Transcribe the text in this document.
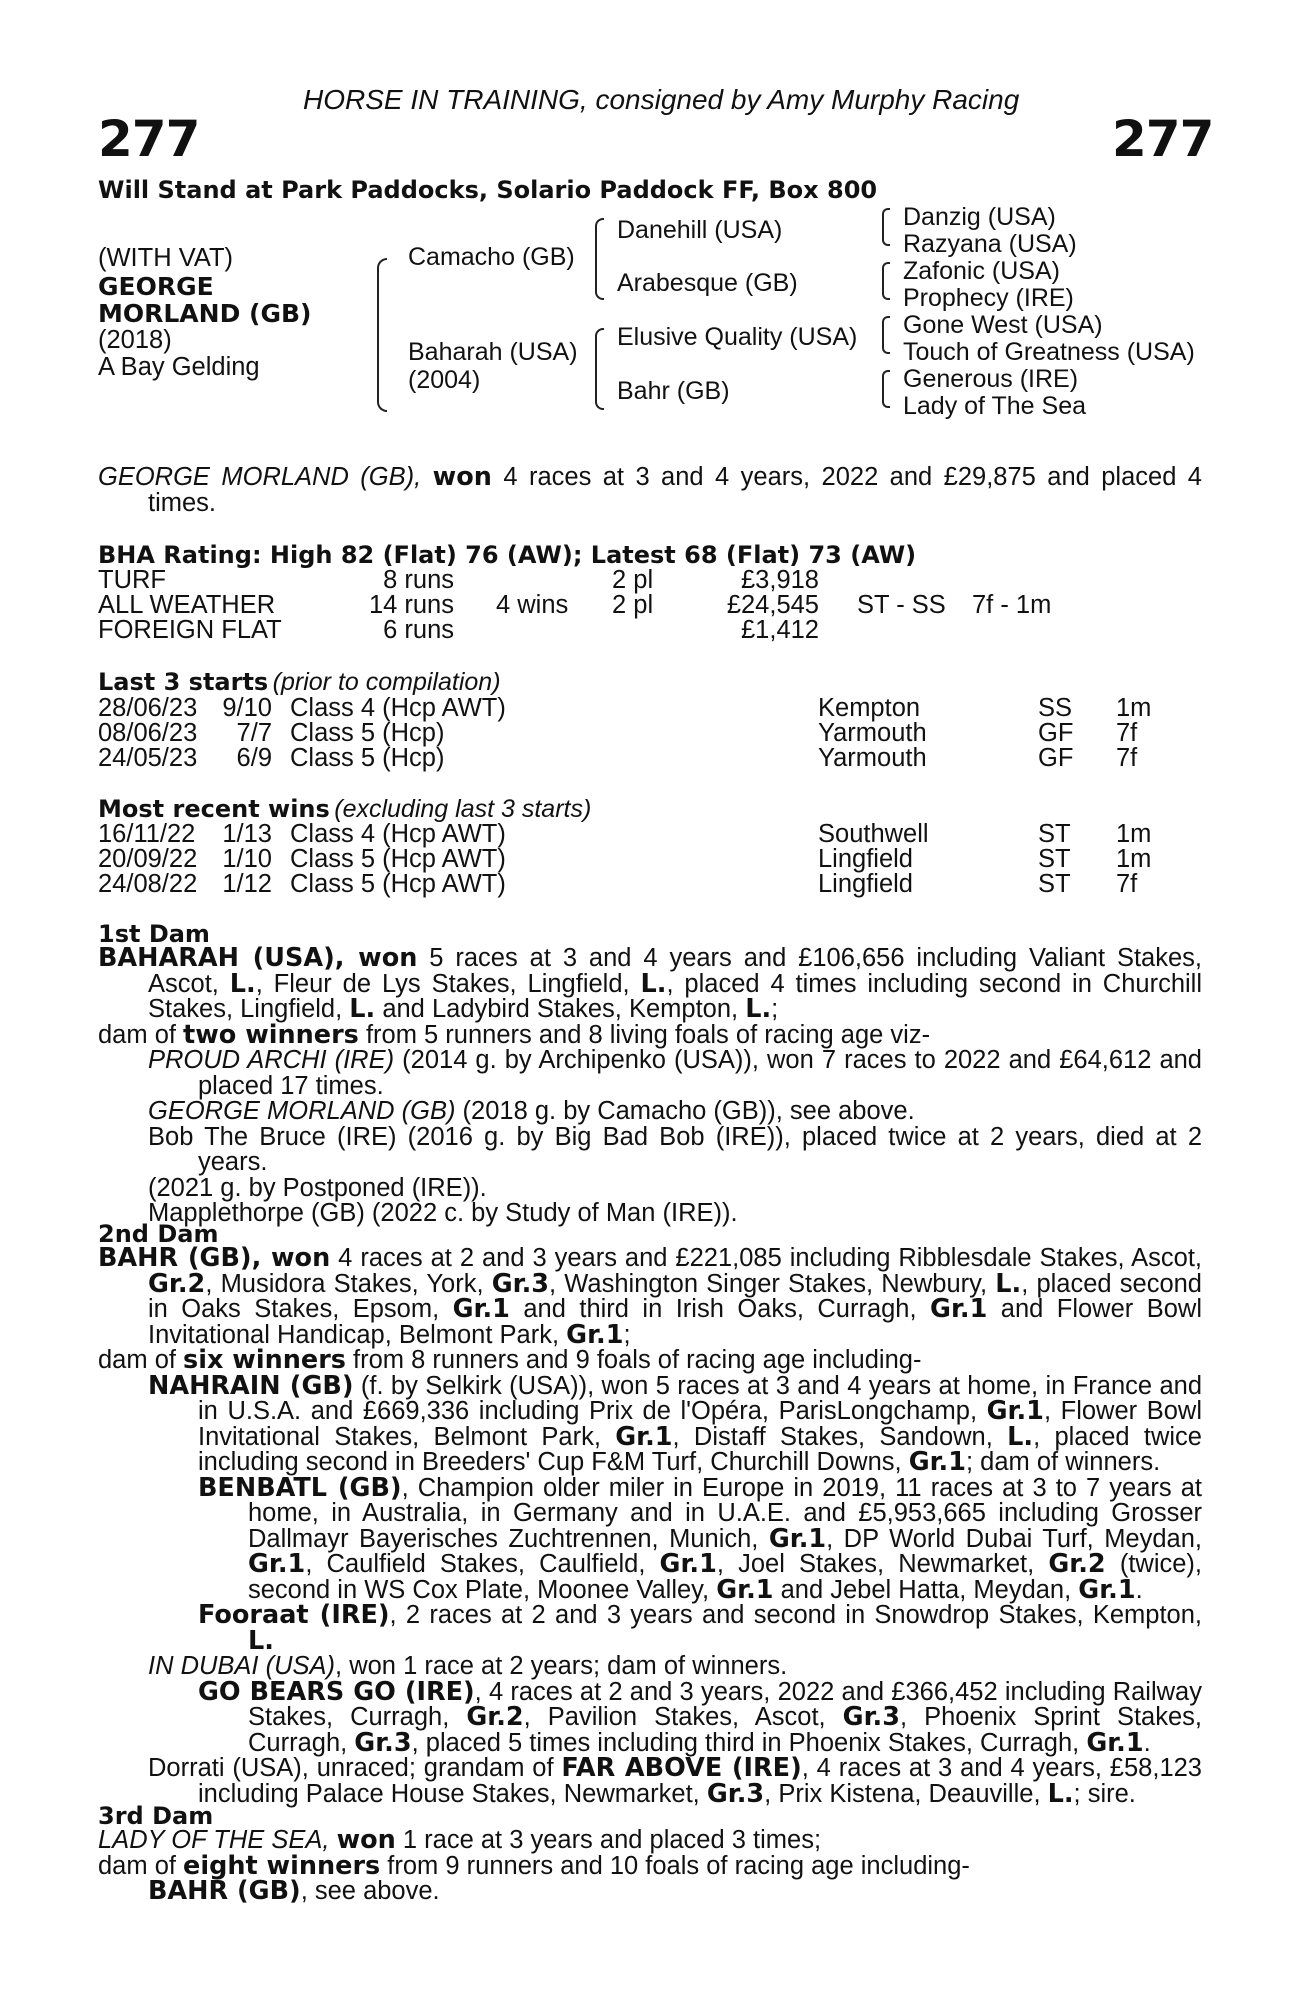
HORSE IN TRAINING, consigned by Amy Murphy Racing
277	277
Will Stand at Park Paddocks, Solario Paddock FF, Box 800
(WITH VAT)
GEORGE
MORLAND (GB)
(2018)
A Bay Gelding
Camacho (GB)
Baharah (USA)
(2004)
Danehill (USA)
Arabesque (GB)
Elusive Quality (USA)
Bahr (GB)
Danzig (USA)
Razyana (USA)
Zafonic (USA)
Prophecy (IRE)
Gone West (USA)
Touch of Greatness (USA)
Generous (IRE)
Lady of The Sea

GEORGE MORLAND (GB), won 4 races at 3 and 4 years, 2022 and £29,875 and placed 4 times.

BHA Rating: High 82 (Flat) 76 (AW); Latest 68 (Flat) 73 (AW)
TURF	8 runs	2 pl	£3,918
ALL WEATHER	14 runs 4 wins 2 pl	£24,545 ST - SS 7f - 1m
FOREIGN FLAT	6 runs	£1,412
Last 3 starts (prior to compilation)
28/06/23 9/10 Class 4 (Hcp AWT)	Kempton	SS 1m
08/06/23	7/7 Class 5 (Hcp)	Yarmouth	GF 7f
24/05/23	6/9 Class 5 (Hcp)	Yarmouth	GF 7f
Most recent wins (excluding last 3 starts)
16/11/22	1/13 Class 4 (Hcp AWT)	Southwell	ST 1m
20/09/22 1/10 Class 5 (Hcp AWT)	Lingfield	ST 1m
24/08/22 1/12 Class 5 (Hcp AWT)	Lingfield	ST 7f
1st Dam

BAHARAH (USA), won 5 races at 3 and 4 years and £106,656 including Valiant Stakes, Ascot, L., Fleur de Lys Stakes, Lingfield, L., placed 4 times including second in Churchill Stakes, Lingfield, L. and Ladybird Stakes, Kempton, L.;

dam of two winners from 5 runners and 8 living foals of racing age viz-

PROUD ARCHI (IRE) (2014 g. by Archipenko (USA)), won 7 races to 2022 and £64,612 and placed 17 times.

GEORGE MORLAND (GB) (2018 g. by Camacho (GB)), see above.

Bob The Bruce (IRE) (2016 g. by Big Bad Bob (IRE)), placed twice at 2 years, died at 2 years.

(2021 g. by Postponed (IRE)).

Mapplethorpe (GB) (2022 c. by Study of Man (IRE)).

2nd Dam

BAHR (GB), won 4 races at 2 and 3 years and £221,085 including Ribblesdale Stakes, Ascot, Gr.2, Musidora Stakes, York, Gr.3, Washington Singer Stakes, Newbury, L., placed second in Oaks Stakes, Epsom, Gr.1 and third in Irish Oaks, Curragh, Gr.1 and Flower Bowl Invitational Handicap, Belmont Park, Gr.1;

dam of six winners from 8 runners and 9 foals of racing age including-

NAHRAIN (GB) (f. by Selkirk (USA)), won 5 races at 3 and 4 years at home, in France and in U.S.A. and £669,336 including Prix de l'Opéra, ParisLongchamp, Gr.1, Flower Bowl Invitational Stakes, Belmont Park, Gr.1, Distaff Stakes, Sandown, L., placed twice including second in Breeders' Cup F&M Turf, Churchill Downs, Gr.1; dam of winners.

BENBATL (GB), Champion older miler in Europe in 2019, 11 races at 3 to 7 years at home, in Australia, in Germany and in U.A.E. and £5,953,665 including Grosser Dallmayr Bayerisches Zuchtrennen, Munich, Gr.1, DP World Dubai Turf, Meydan, Gr.1, Caulfield Stakes, Caulfield, Gr.1, Joel Stakes, Newmarket, Gr.2 (twice), second in WS Cox Plate, Moonee Valley, Gr.1 and Jebel Hatta, Meydan, Gr.1.

Fooraat (IRE), 2 races at 2 and 3 years and second in Snowdrop Stakes, Kempton, L.

IN DUBAI (USA), won 1 race at 2 years; dam of winners.

GO BEARS GO (IRE), 4 races at 2 and 3 years, 2022 and £366,452 including Railway Stakes, Curragh, Gr.2, Pavilion Stakes, Ascot, Gr.3, Phoenix Sprint Stakes, Curragh, Gr.3, placed 5 times including third in Phoenix Stakes, Curragh, Gr.1.

Dorrati (USA), unraced; grandam of FAR ABOVE (IRE), 4 races at 3 and 4 years, £58,123 including Palace House Stakes, Newmarket, Gr.3, Prix Kistena, Deauville, L.; sire.

3rd Dam

LADY OF THE SEA, won 1 race at 3 years and placed 3 times;

dam of eight winners from 9 runners and 10 foals of racing age including-

BAHR (GB), see above.
